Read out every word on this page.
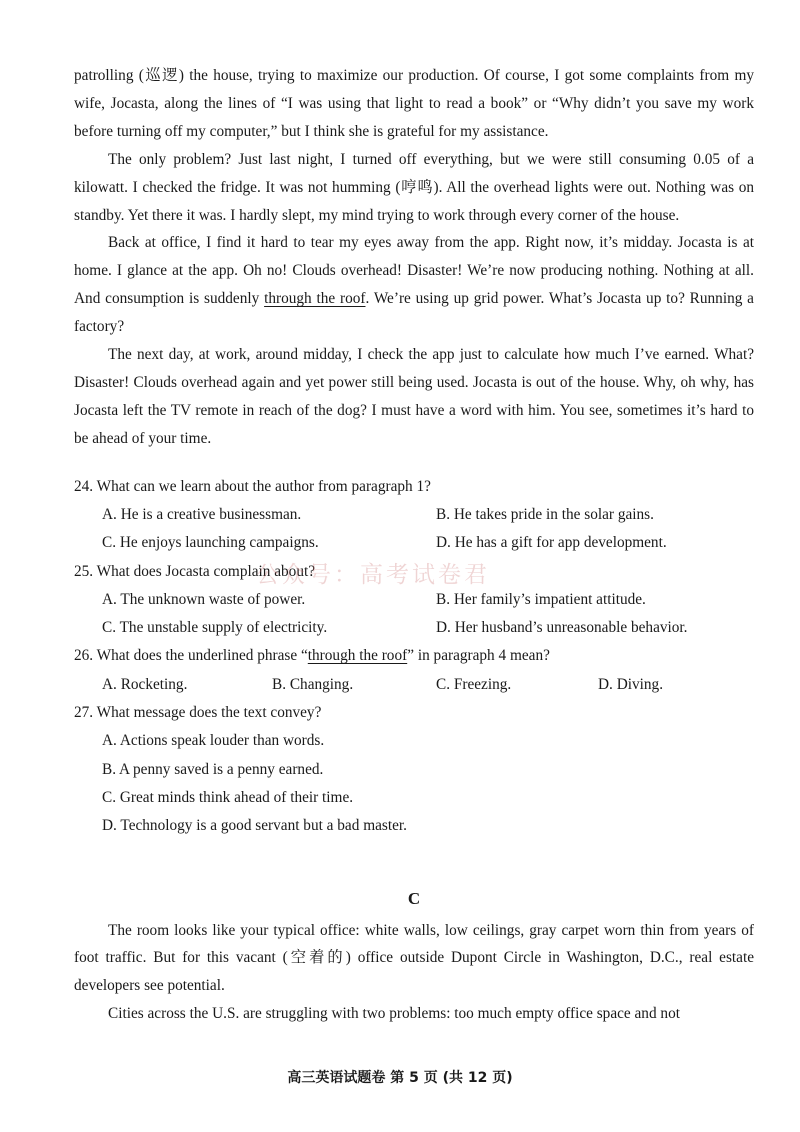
patrolling (巡逻) the house, trying to maximize our production. Of course, I got some complaints from my wife, Jocasta, along the lines of “I was using that light to read a book” or “Why didn’t you save my work before turning off my computer,” but I think she is grateful for my assistance.

The only problem? Just last night, I turned off everything, but we were still consuming 0.05 of a kilowatt. I checked the fridge. It was not humming (哼鸣). All the overhead lights were out. Nothing was on standby. Yet there it was. I hardly slept, my mind trying to work through every corner of the house.

Back at office, I find it hard to tear my eyes away from the app. Right now, it’s midday. Jocasta is at home. I glance at the app. Oh no! Clouds overhead! Disaster! We’re now producing nothing. Nothing at all. And consumption is suddenly through the roof. We’re using up grid power. What’s Jocasta up to? Running a factory?

The next day, at work, around midday, I check the app just to calculate how much I’ve earned. What? Disaster! Clouds overhead again and yet power still being used. Jocasta is out of the house. Why, oh why, has Jocasta left the TV remote in reach of the dog? I must have a word with him. You see, sometimes it’s hard to be ahead of your time.

24. What can we learn about the author from paragraph 1?

A. He is a creative businessman.	B. He takes pride in the solar gains.
C. He enjoys launching campaigns.	D. He has a gift for app development.

25. What does Jocasta complain about?

A. The unknown waste of power.	B. Her family’s impatient attitude.
C. The unstable supply of electricity.	D. Her husband’s unreasonable behavior.

26. What does the underlined phrase “through the roof” in paragraph 4 mean?

A. Rocketing.	B. Changing.	C. Freezing.	D. Diving.

27. What message does the text convey?

A. Actions speak louder than words.

B. A penny saved is a penny earned.

C. Great minds think ahead of their time.

D. Technology is a good servant but a bad master.

C

The room looks like your typical office: white walls, low ceilings, gray carpet worn thin from years of foot traffic. But for this vacant (空着的) office outside Dupont Circle in Washington, D.C., real estate developers see potential.

Cities across the U.S. are struggling with two problems: too much empty office space and not

公众号：高考试卷君
高三英语试题卷 第 5 页 (共 12 页)
